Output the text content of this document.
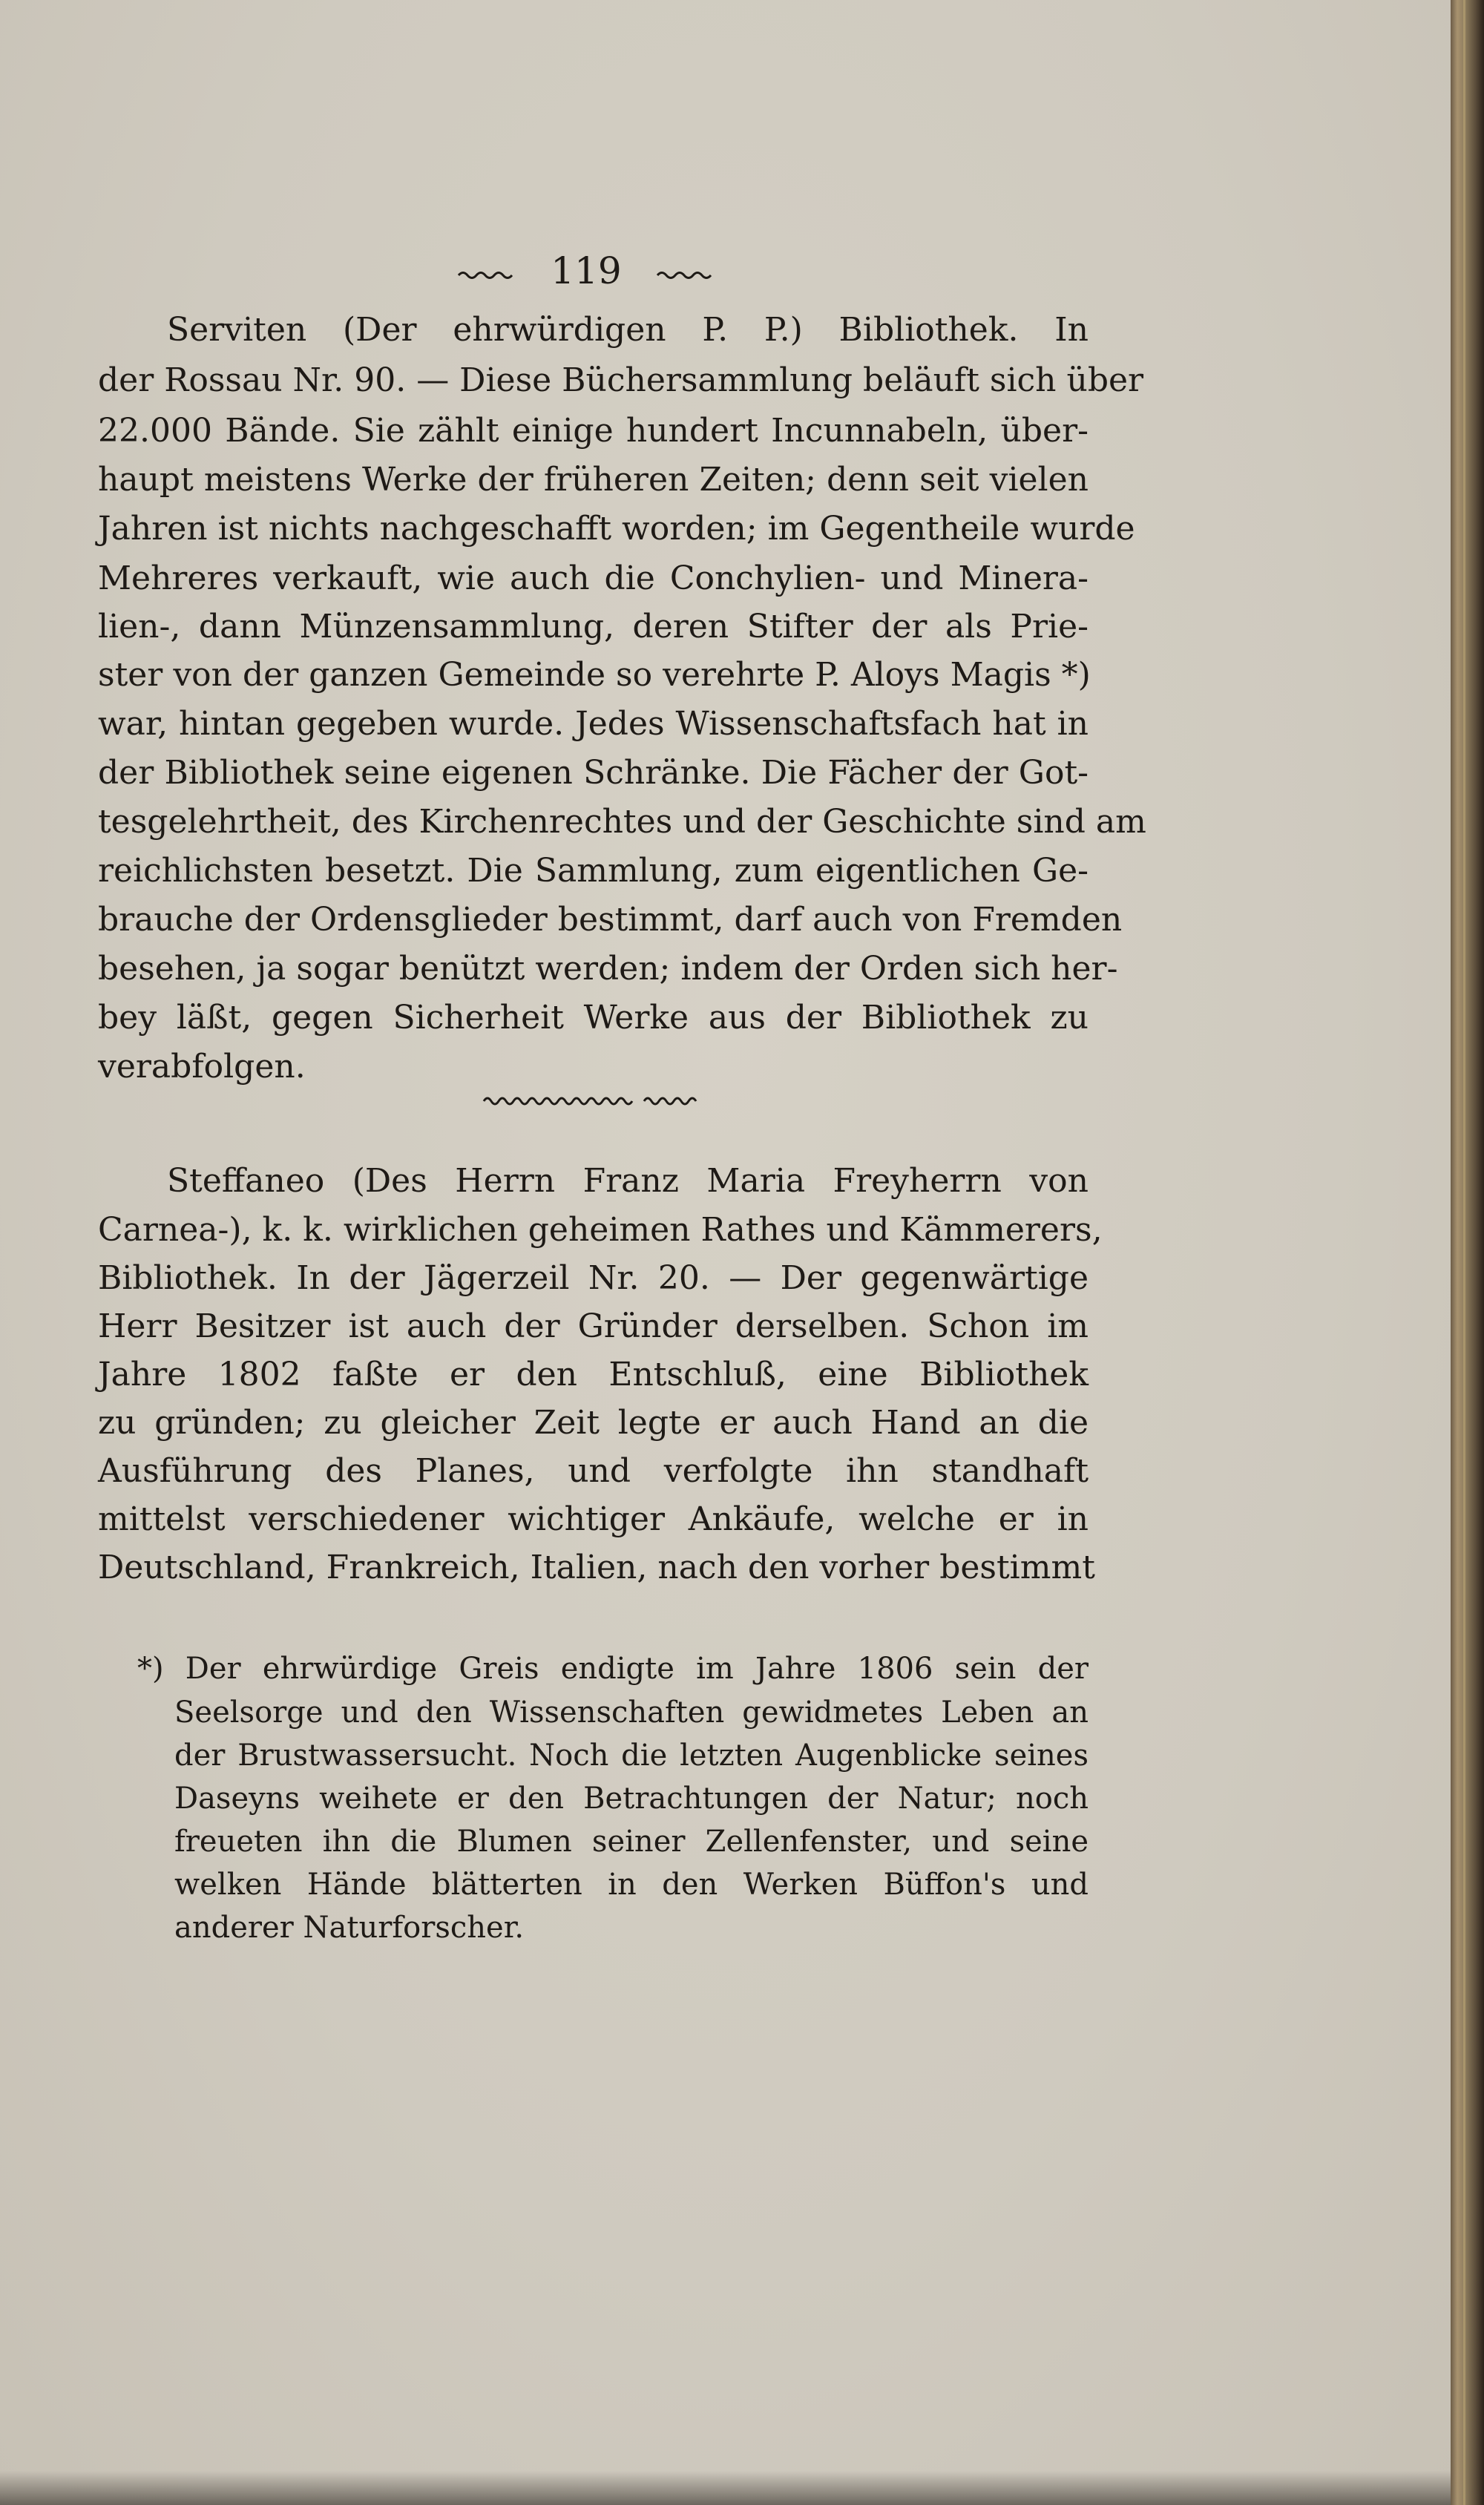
119
Serviten (Der ehrwürdigen P. P.) Bibliothek. In
der Rossau Nr. 90. — Diese Büchersammlung beläuft sich über
22.000 Bände. Sie zählt einige hundert Incunnabeln, über-
haupt meistens Werke der früheren Zeiten; denn seit vielen
Jahren ist nichts nachgeschafft worden; im Gegentheile wurde
Mehreres verkauft, wie auch die Conchylien- und Minera-
lien-, dann Münzensammlung, deren Stifter der als Prie-
ster von der ganzen Gemeinde so verehrte P. Aloys Magis *)
war, hintan gegeben wurde. Jedes Wissenschaftsfach hat in
der Bibliothek seine eigenen Schränke. Die Fächer der Got-
tesgelehrtheit, des Kirchenrechtes und der Geschichte sind am
reichlichsten besetzt. Die Sammlung, zum eigentlichen Ge-
brauche der Ordensglieder bestimmt, darf auch von Fremden
besehen, ja sogar benützt werden; indem der Orden sich her-
bey läßt, gegen Sicherheit Werke aus der Bibliothek zu
verabfolgen.
Steffaneo (Des Herrn Franz Maria Freyherrn von
Carnea-), k. k. wirklichen geheimen Rathes und Kämmerers,
Bibliothek. In der Jägerzeil Nr. 20. — Der gegenwärtige
Herr Besitzer ist auch der Gründer derselben. Schon im
Jahre 1802 faßte er den Entschluß, eine Bibliothek
zu gründen; zu gleicher Zeit legte er auch Hand an die
Ausführung des Planes, und verfolgte ihn standhaft
mittelst verschiedener wichtiger Ankäufe, welche er in
Deutschland, Frankreich, Italien, nach den vorher bestimmt
*) Der ehrwürdige Greis endigte im Jahre 1806 sein der
Seelsorge und den Wissenschaften gewidmetes Leben an
der Brustwassersucht. Noch die letzten Augenblicke seines
Daseyns weihete er den Betrachtungen der Natur; noch
freueten ihn die Blumen seiner Zellenfenster, und seine
welken Hände blätterten in den Werken Büffon's und
anderer Naturforscher.
